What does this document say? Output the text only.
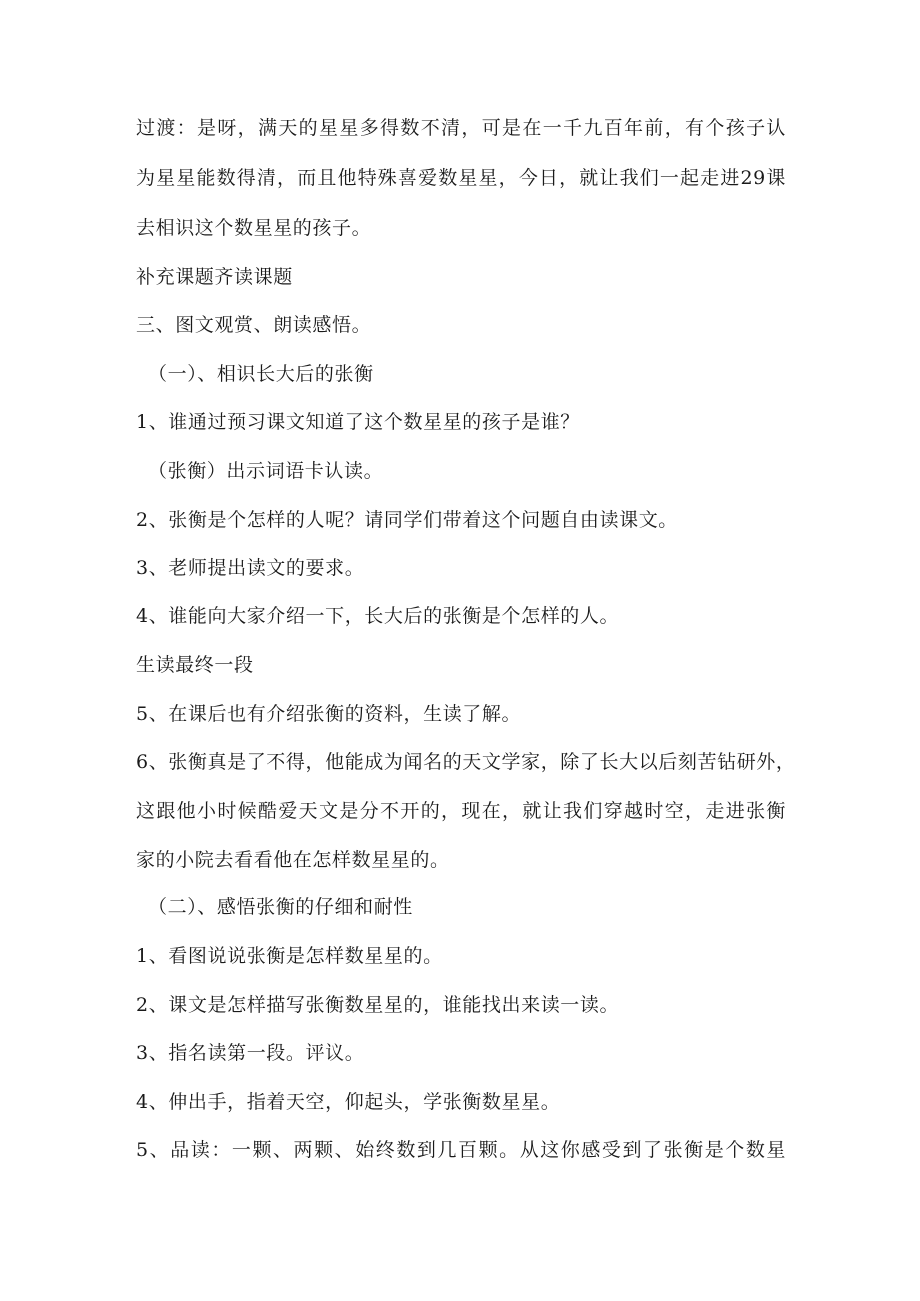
过渡：是呀，满天的星星多得数不清，可是在一千九百年前，有个孩子认
为星星能数得清，而且他特殊喜爱数星星，今日，就让我们一起走进29课
去相识这个数星星的孩子。
补充课题齐读课题
三、图文观赏、朗读感悟。
（一）、相识长大后的张衡
1、谁通过预习课文知道了这个数星星的孩子是谁？
（张衡）出示词语卡认读。
2、张衡是个怎样的人呢？请同学们带着这个问题自由读课文。
3、老师提出读文的要求。
4、谁能向大家介绍一下，长大后的张衡是个怎样的人。
生读最终一段
5、在课后也有介绍张衡的资料，生读了解。
6、张衡真是了不得，他能成为闻名的天文学家，除了长大以后刻苦钻研外，
这跟他小时候酷爱天文是分不开的，现在，就让我们穿越时空，走进张衡
家的小院去看看他在怎样数星星的。
（二）、感悟张衡的仔细和耐性
1、看图说说张衡是怎样数星星的。
2、课文是怎样描写张衡数星星的，谁能找出来读一读。
3、指名读第一段。评议。
4、伸出手，指着天空，仰起头，学张衡数星星。
5、品读：一颗、两颗、始终数到几百颗。从这你感受到了张衡是个数星
